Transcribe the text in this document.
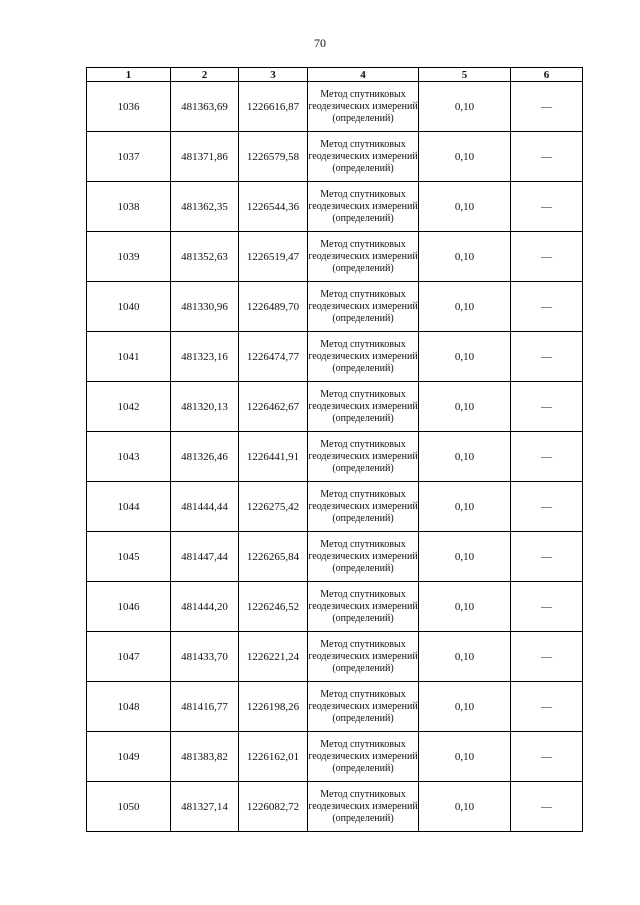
70
1	2	3	4	5	6
1036	481363,69	1226616,87	Метод спутниковых геодезических измерений (определений)	0,10	—
1037	481371,86	1226579,58	Метод спутниковых геодезических измерений (определений)	0,10	—
1038	481362,35	1226544,36	Метод спутниковых геодезических измерений (определений)	0,10	—
1039	481352,63	1226519,47	Метод спутниковых геодезических измерений (определений)	0,10	—
1040	481330,96	1226489,70	Метод спутниковых геодезических измерений (определений)	0,10	—
1041	481323,16	1226474,77	Метод спутниковых геодезических измерений (определений)	0,10	—
1042	481320,13	1226462,67	Метод спутниковых геодезических измерений (определений)	0,10	—
1043	481326,46	1226441,91	Метод спутниковых геодезических измерений (определений)	0,10	—
1044	481444,44	1226275,42	Метод спутниковых геодезических измерений (определений)	0,10	—
1045	481447,44	1226265,84	Метод спутниковых геодезических измерений (определений)	0,10	—
1046	481444,20	1226246,52	Метод спутниковых геодезических измерений (определений)	0,10	—
1047	481433,70	1226221,24	Метод спутниковых геодезических измерений (определений)	0,10	—
1048	481416,77	1226198,26	Метод спутниковых геодезических измерений (определений)	0,10	—
1049	481383,82	1226162,01	Метод спутниковых геодезических измерений (определений)	0,10	—
1050	481327,14	1226082,72	Метод спутниковых геодезических измерений (определений)	0,10	—
